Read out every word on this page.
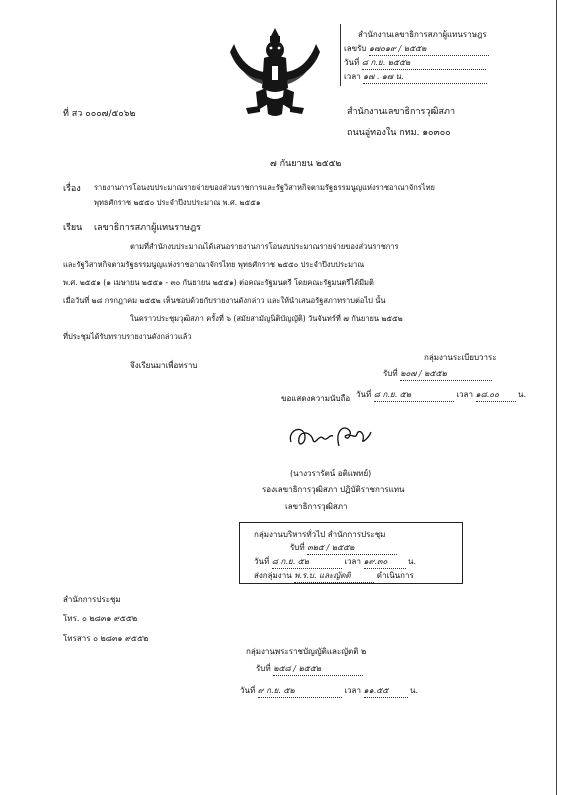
สำนักงานเลขาธิการสภาผู้แทนราษฎร
เลขรับ ๑๗๐๑๙ / ๒๕๕๒
วันที่ ๘ ก.ย. ๒๕๕๒
เวลา ๑๗ . ๑๗ น.
ที่ สว ๐๐๐๗/๕๐๖๒	สำนักงานเลขาธิการวุฒิสภา
ถนนอู่ทองใน กทม. ๑๐๓๐๐
๗ กันยายน ๒๕๕๒
เรื่อง รายงานการโอนงบประมาณรายจ่ายของส่วนราชการและรัฐวิสาหกิจตามรัฐธรรมนูญแห่งราชอาณาจักรไทย
พุทธศักราช ๒๕๕๐ ประจำปีงบประมาณ พ.ศ. ๒๕๕๑
เรียน เลขาธิการสภาผู้แทนราษฎร
ตามที่สำนักงบประมาณได้เสนอรายงานการโอนงบประมาณรายจ่ายของส่วนราชการ
และรัฐวิสาหกิจตามรัฐธรรมนูญแห่งราชอาณาจักรไทย พุทธศักราช ๒๕๕๐ ประจำปีงบประมาณ
พ.ศ. ๒๕๕๑ (๑ เมษายน ๒๕๕๑ - ๓๐ กันยายน ๒๕๕๑) ต่อคณะรัฐมนตรี โดยคณะรัฐมนตรีได้มีมติ
เมื่อวันที่ ๒๘ กรกฎาคม ๒๕๕๒ เห็นชอบด้วยกับรายงานดังกล่าว และให้นำเสนอรัฐสภาทราบต่อไป นั้น
ในคราวประชุมวุฒิสภา ครั้งที่ ๖ (สมัยสามัญนิติบัญญัติ) วันจันทร์ที่ ๗ กันยายน ๒๕๕๒
ที่ประชุมได้รับทราบรายงานดังกล่าวแล้ว
จึงเรียนมาเพื่อทราบ
กลุ่มงานระเบียบวาระ
รับที่ ๒๐๗ / ๒๕๕๒
วันที่ ๘ ก.ย. ๕๒	เวลา ๑๘.๐๐ น.
ขอแสดงความนับถือ
(นางวรารัตน์ อติแพทย์)
รองเลขาธิการวุฒิสภา ปฏิบัติราชการแทน
เลขาธิการวุฒิสภา
กลุ่มงานบริหารทั่วไป สำนักการประชุม
รับที่ ๓๒๕ / ๒๕๕๒
วันที่ ๘ ก.ย. ๕๒	เวลา ๑๙.๓๐	น.
ส่งกลุ่มงาน พ.ร.บ. และญัตติ	ดำเนินการ
สำนักการประชุม
โทร. ๐ ๒๘๓๑ ๙๕๕๒
โทรสาร ๐ ๒๘๓๑ ๙๕๕๒
กลุ่มงานพระราชบัญญัติและญัตติ ๒
รับที่ ๒๕๘ / ๒๕๕๒
วันที่ ๙ ก.ย. ๕๒	เวลา ๑๑.๕๕	น.
